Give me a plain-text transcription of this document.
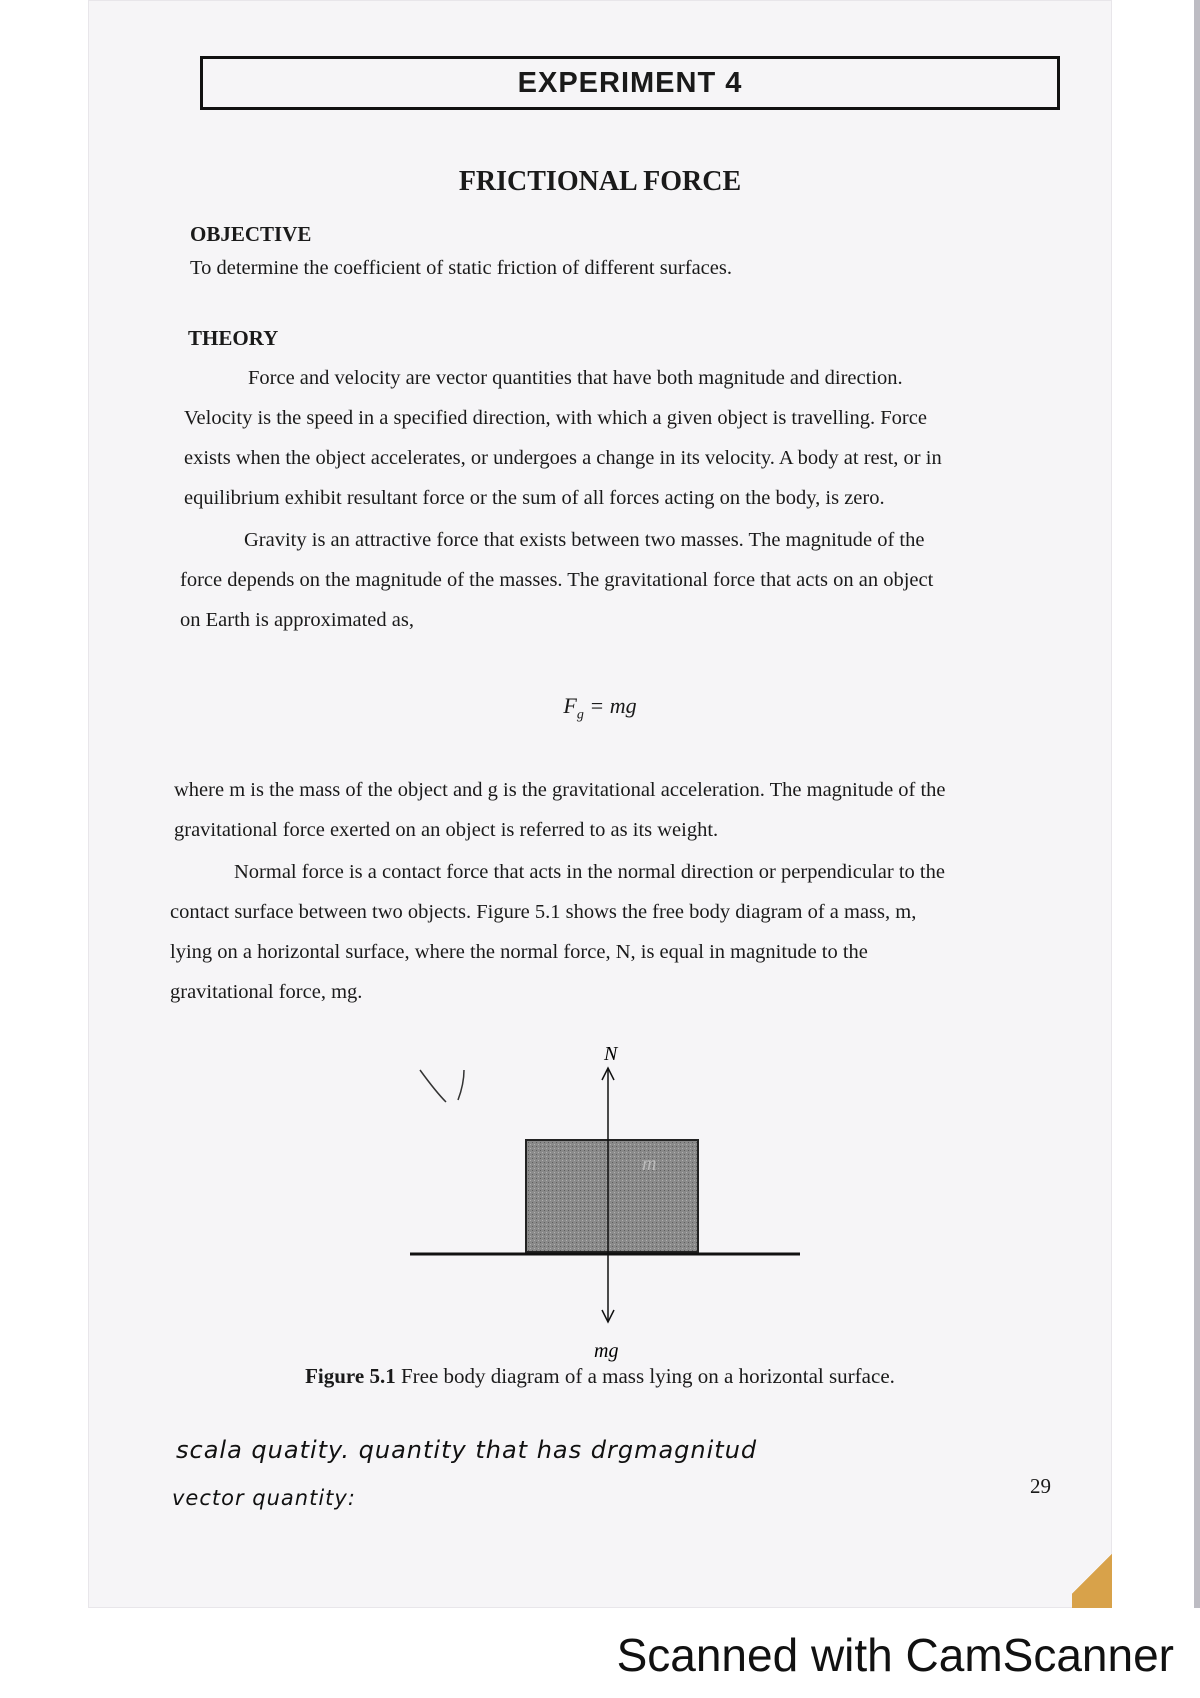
EXPERIMENT 4
FRICTIONAL FORCE
OBJECTIVE
To determine the coefficient of static friction of different surfaces.
THEORY
Force and velocity are vector quantities that have both magnitude and direction.
Velocity is the speed in a specified direction, with which a given object is travelling. Force
exists when the object accelerates, or undergoes a change in its velocity. A body at rest, or in
equilibrium exhibit resultant force or the sum of all forces acting on the body, is zero.
Gravity is an attractive force that exists between two masses. The magnitude of the
force depends on the magnitude of the masses. The gravitational force that acts on an object
on Earth is approximated as,
$F_g$ = mg
where m is the mass of the object and g is the gravitational acceleration. The magnitude of the
gravitational force exerted on an object is referred to as its weight.
Normal force is a contact force that acts in the normal direction or perpendicular to the
contact surface between two objects. Figure 5.1 shows the free body diagram of a mass, m,
lying on a horizontal surface, where the normal force, N, is equal in magnitude to the
gravitational force, mg.
N
m
mg
Figure 5.1 Free body diagram of a mass lying on a horizontal surface.
scala quatity. quantity that has drgmagnitud
vector quantity:	29
Scanned with CamScanner
